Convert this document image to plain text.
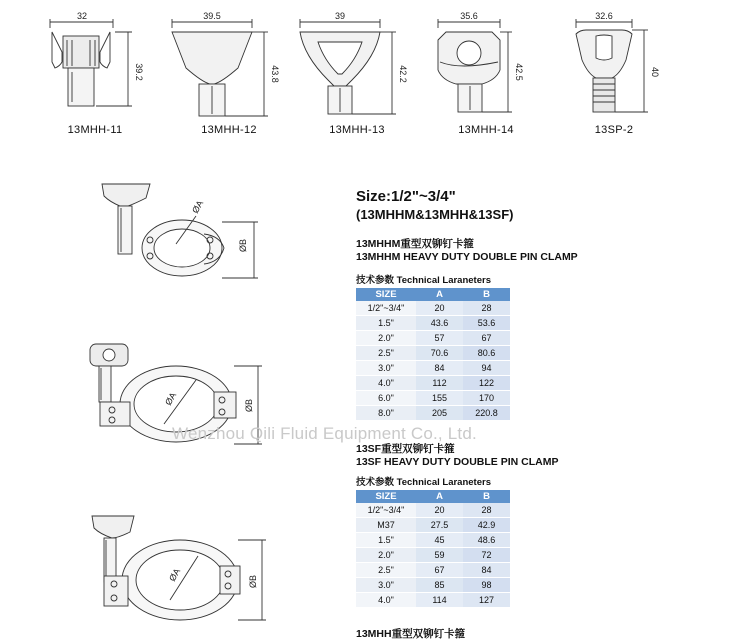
32
39.2
39.5
43.8
39
42.2
35.6
42.5
32.6
40
ØA
ØB
ØA	ØB
ØA	ØB
13MHH-11	13MHH-12	13MHH-13	13MHH-14	13SP-2
Size:1/2"~3/4"
(13MHHM&13MHH&13SF)
13MHHM重型双铆钉卡箍
13MHHM HEAVY DUTY DOUBLE PIN CLAMP
技术参数 Technical Laraneters
SIZE	A	B
1/2"~3/4"	20	28
1.5"	43.6	53.6
2.0"	57	67
2.5"	70.6	80.6
3.0"	84	94
4.0"	112	122
6.0"	155	170
8.0"	205	220.8
Wenzhou Qili Fluid Equipment Co., Ltd.
13SF重型双铆钉卡箍
13SF HEAVY DUTY DOUBLE PIN CLAMP
技术参数 Technical Laraneters
SIZE	A	B
1/2"~3/4"	20	28
M37	27.5	42.9
1.5"	45	48.6
2.0"	59	72
2.5"	67	84
3.0"	85	98
4.0"	114	127
13MHH重型双铆钉卡箍
